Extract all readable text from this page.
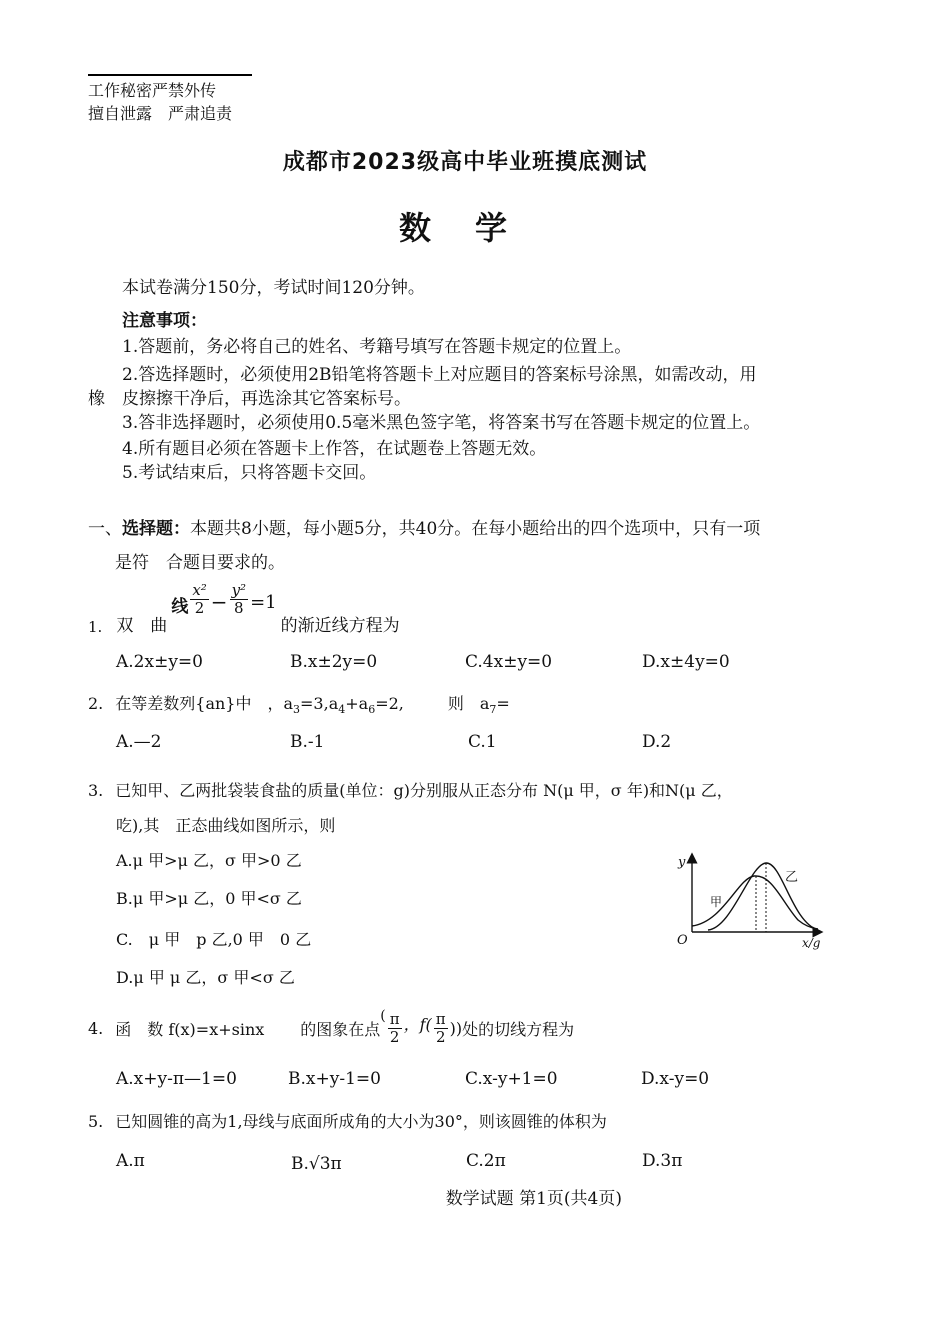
工作秘密严禁外传
擅自泄露　严肃追责
成都市2023级高中毕业班摸底测试
数　学
本试卷满分150分，考试时间120分钟。
注意事项：
1.答题前，务必将自己的姓名、考籍号填写在答题卡规定的位置上。
2.答选择题时，必须使用2B铅笔将答题卡上对应题目的答案标号涂黑，如需改动，用
橡　皮擦擦干净后，再选涂其它答案标号。
3.答非选择题时，必须使用0.5毫米黑色签字笔，将答案书写在答题卡规定的位置上。
4.所有题目必须在答题卡上作答，在试题卷上答题无效。
5.考试结束后，只将答题卡交回。
一、选择题：本题共8小题，每小题5分，共40分。在每小题给出的四个选项中，只有一项
是符　合题目要求的。
1. 双　曲
线 $\frac{\text{x²}}{2} - \frac{\text{y²}}{8} =1$
的渐近线方程为
A.2x±y=0	B.x±2y=0	C.4x±y=0	D.x±4y=0
2. 在等差数列{an}中　，$a_3=3,a_4+a_6=2$,	则　$a_7=$
A.—2	B.-1	C.1	D.2
3. 已知甲、乙两批袋装食盐的质量(单位：g)分别服从正态分布 N(μ 甲，σ 年)和N(μ 乙，
吃),其　正态曲线如图所示，则
A.μ 甲>μ 乙，σ 甲>0 乙
B.μ 甲>μ 乙，0 甲<σ 乙
C.　μ 甲　p 乙,0 甲　0 乙
D.μ 甲 μ 乙，σ 甲<σ 乙
y
x/g
O
甲
乙
4. 函　数 f(x)=x+sinx 的图象在点
( $\frac{\pi}{2}$ ，$f( \frac{\pi}{2}$ )) 处的切线方程为
A.x+y-π—1=0	B.x+y-1=0	C.x-y+1=0	D.x-y=0
5. 已知圆锥的高为1,母线与底面所成角的大小为30°，则该圆锥的体积为
A.π	B.√3π	C.2π	D.3π
数学试题 第1页(共4页)
